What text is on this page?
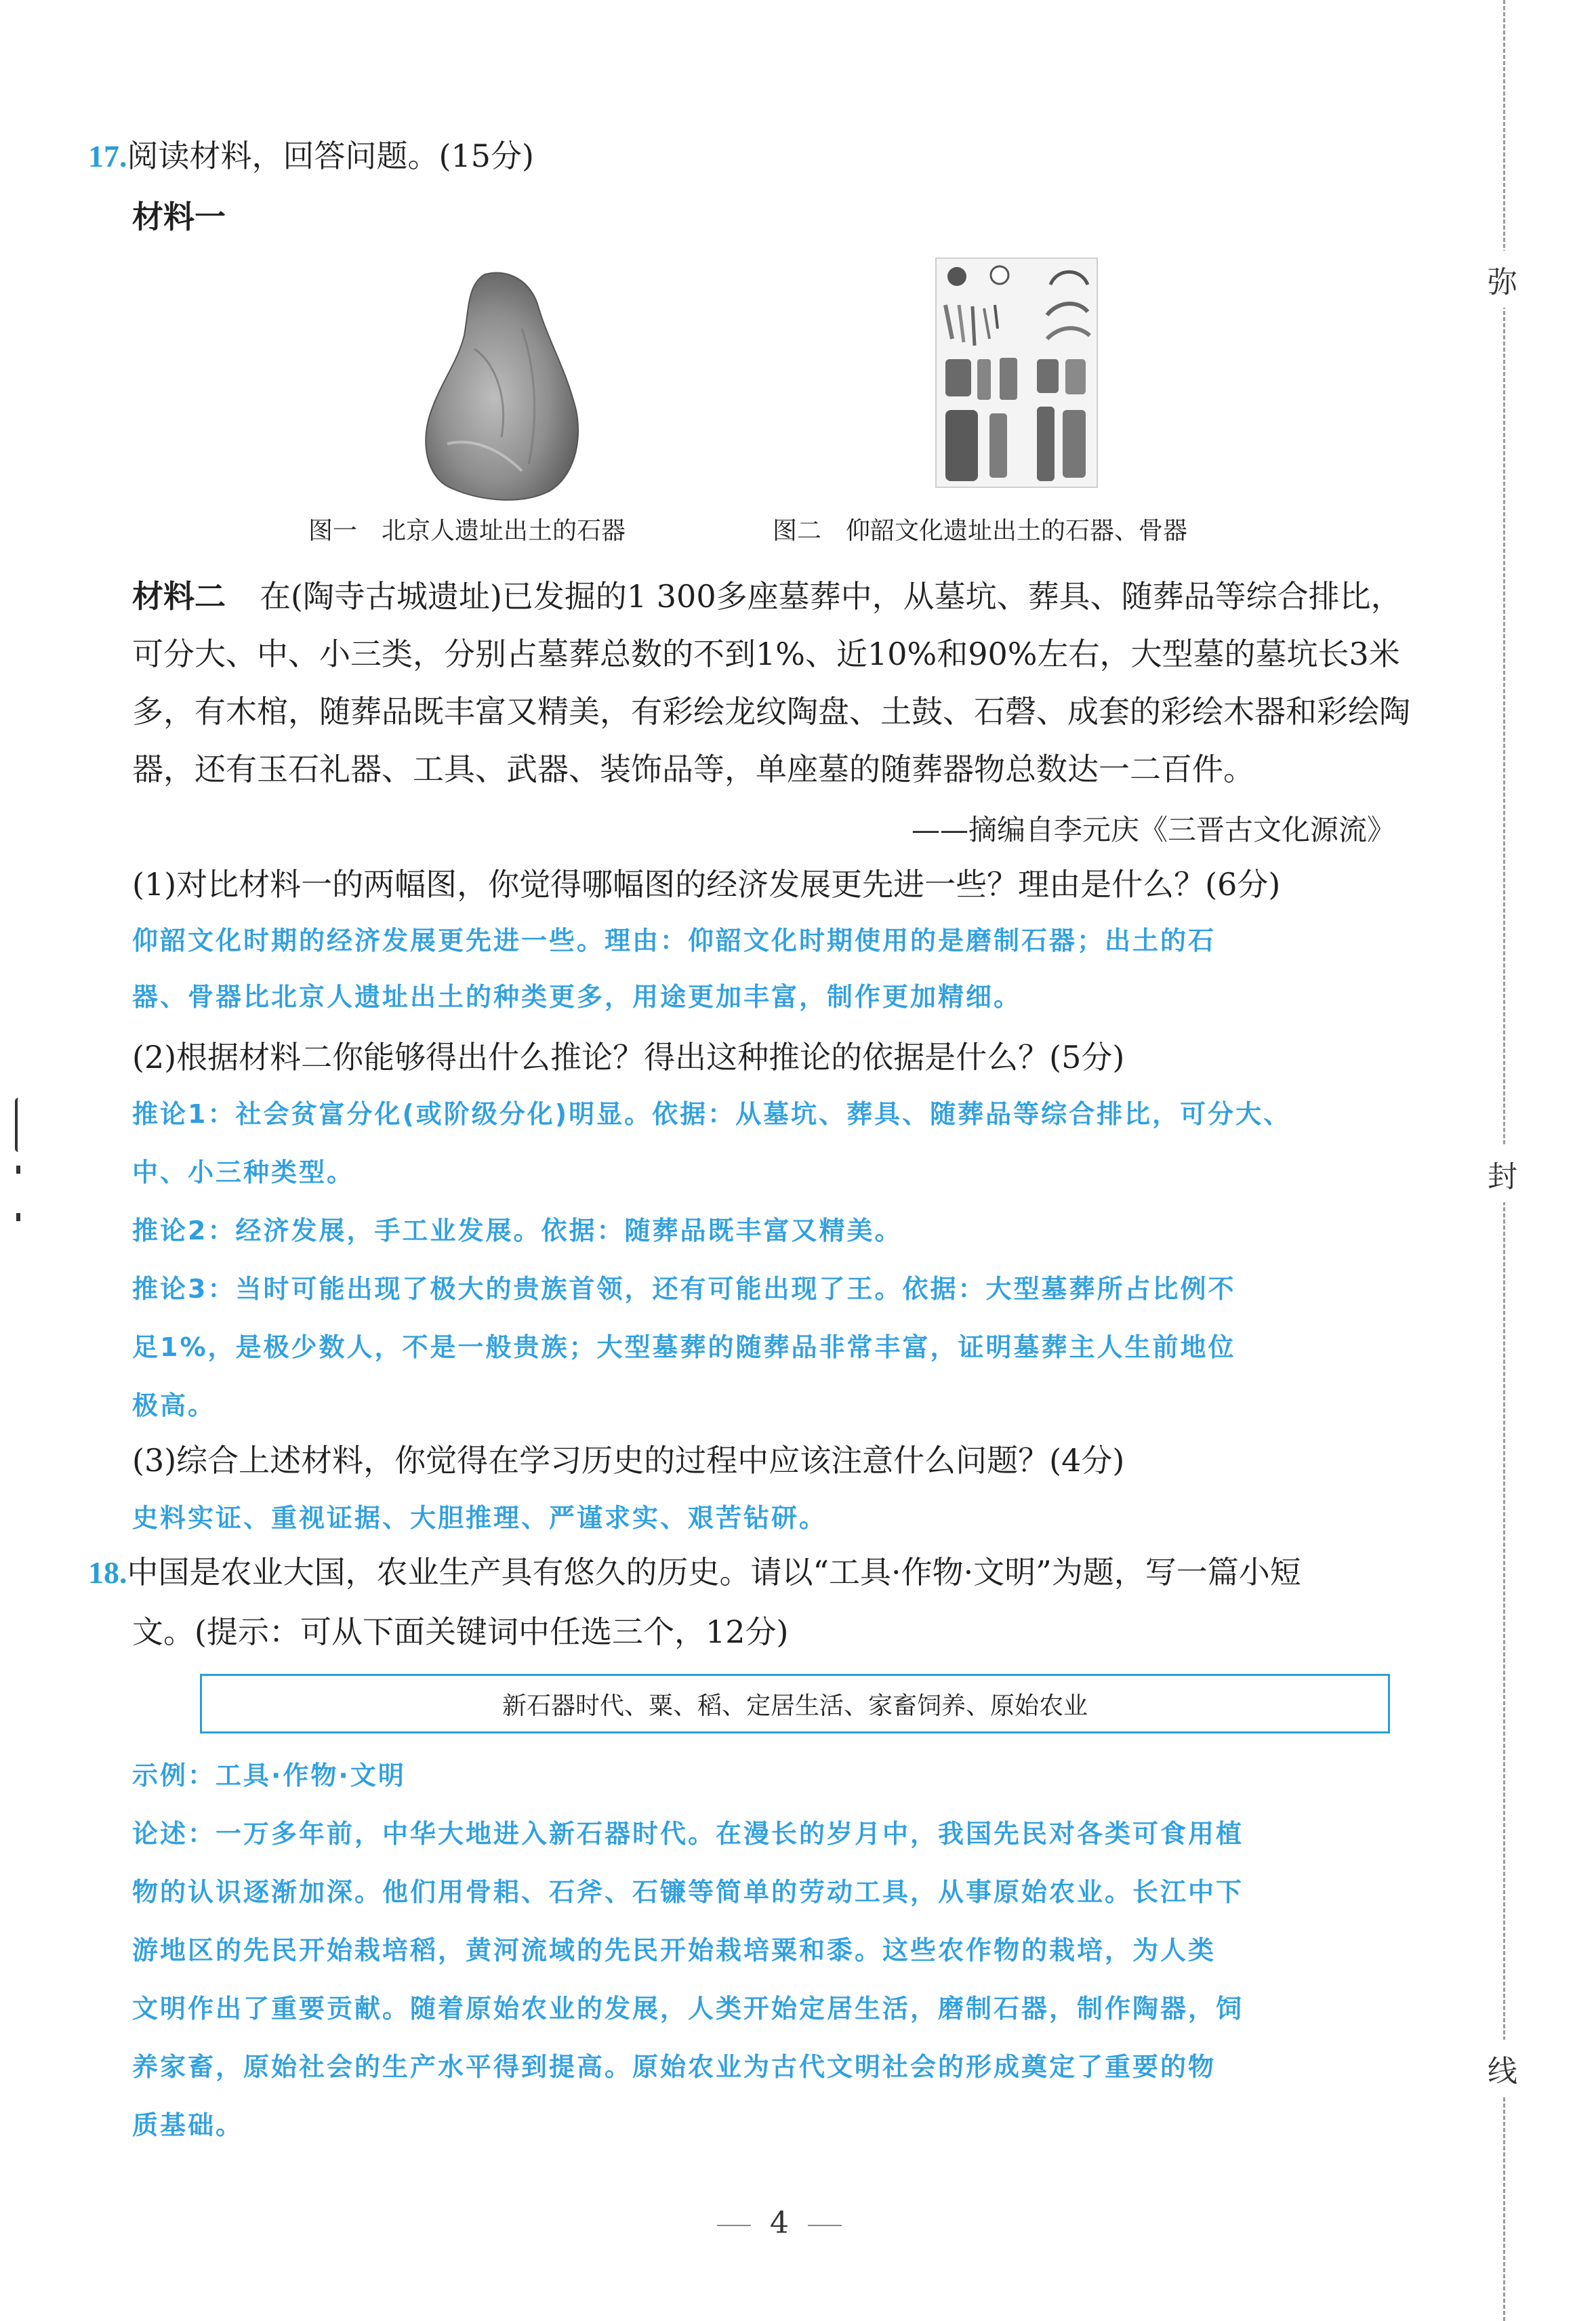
弥
封
线
17.阅读材料，回答问题。(15分)
材料一
图一　北京人遗址出土的石器	图二　仰韶文化遗址出土的石器、骨器
材料二 在(陶寺古城遗址)已发掘的1 300多座墓葬中，从墓坑、葬具、随葬品等综合排比，
可分大、中、小三类，分别占墓葬总数的不到1%、近10%和90%左右，大型墓的墓坑长3米
多，有木棺，随葬品既丰富又精美，有彩绘龙纹陶盘、土鼓、石磬、成套的彩绘木器和彩绘陶
器，还有玉石礼器、工具、武器、装饰品等，单座墓的随葬器物总数达一二百件。
——摘编自李元庆《三晋古文化源流》
(1)对比材料一的两幅图，你觉得哪幅图的经济发展更先进一些？理由是什么？(6分)
仰韶文化时期的经济发展更先进一些。理由：仰韶文化时期使用的是磨制石器；出土的石
器、骨器比北京人遗址出土的种类更多，用途更加丰富，制作更加精细。
(2)根据材料二你能够得出什么推论？得出这种推论的依据是什么？(5分)
推论1：社会贫富分化(或阶级分化)明显。依据：从墓坑、葬具、随葬品等综合排比，可分大、
中、小三种类型。
推论2：经济发展，手工业发展。依据：随葬品既丰富又精美。
推论3：当时可能出现了极大的贵族首领，还有可能出现了王。依据：大型墓葬所占比例不
足1%，是极少数人，不是一般贵族；大型墓葬的随葬品非常丰富，证明墓葬主人生前地位
极高。
(3)综合上述材料，你觉得在学习历史的过程中应该注意什么问题？(4分)
史料实证、重视证据、大胆推理、严谨求实、艰苦钻研。
18.中国是农业大国，农业生产具有悠久的历史。请以“工具·作物·文明”为题，写一篇小短
文。(提示：可从下面关键词中任选三个，12分)
新石器时代、粟、稻、定居生活、家畜饲养、原始农业
示例：工具·作物·文明
论述：一万多年前，中华大地进入新石器时代。在漫长的岁月中，我国先民对各类可食用植
物的认识逐渐加深。他们用骨耜、石斧、石镰等简单的劳动工具，从事原始农业。长江中下
游地区的先民开始栽培稻，黄河流域的先民开始栽培粟和黍。这些农作物的栽培，为人类
文明作出了重要贡献。随着原始农业的发展，人类开始定居生活，磨制石器，制作陶器，饲
养家畜，原始社会的生产水平得到提高。原始农业为古代文明社会的形成奠定了重要的物
质基础。
4
